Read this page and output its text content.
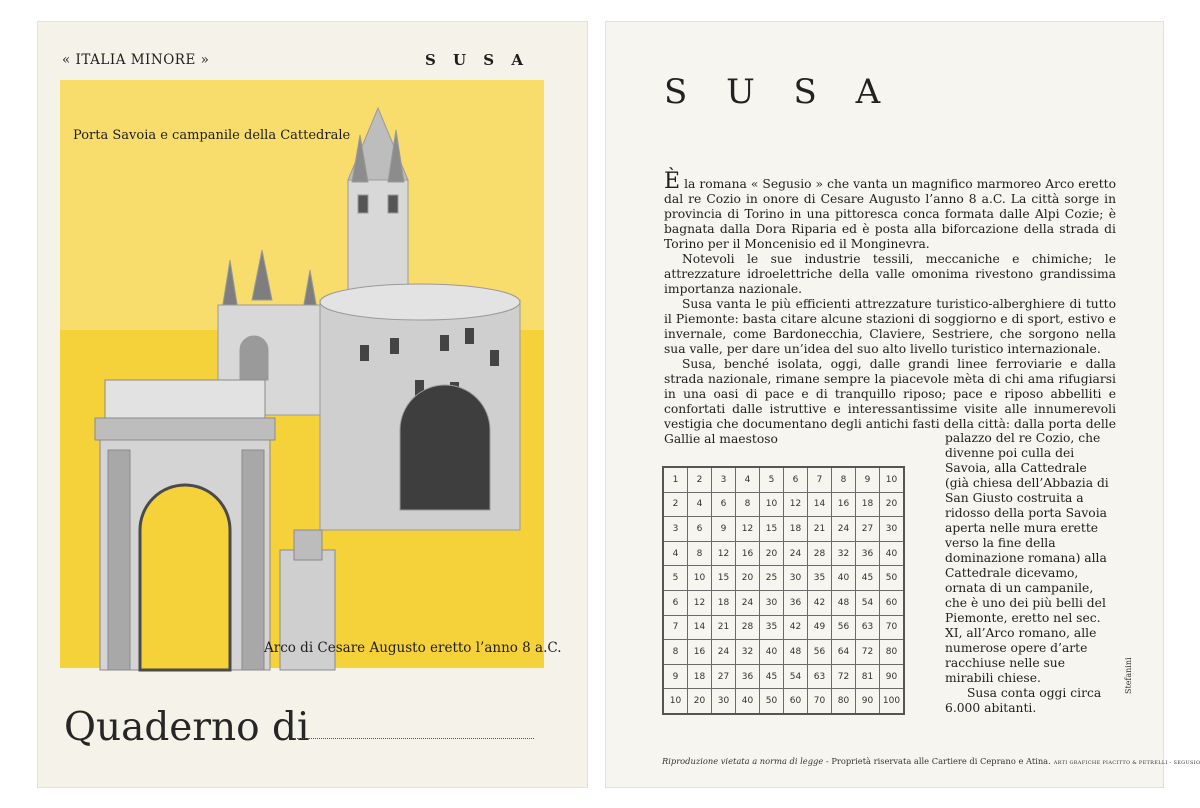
« ITALIA MINORE »	S U S A
Porta Savoia e campanile della Cattedrale
Arco di Cesare Augusto eretto l’anno 8 a.C.
Quaderno di
S U S A

È la romana « Segusio » che vanta un magnifico marmoreo Arco eretto dal re Cozio in onore di Cesare Augusto l’anno 8 a.C. La città sorge in provincia di Torino in una pittoresca conca formata dalle Alpi Cozie; è bagnata dalla Dora Riparia ed è posta alla biforcazione della strada di Torino per il Moncenisio ed il Monginevra.

Notevoli le sue industrie tessili, meccaniche e chimiche; le attrezzature idroelettriche della valle omonima rivestono grandissima importanza nazionale.

Susa vanta le più efficienti attrezzature turistico-alberghiere di tutto il Piemonte: basta citare alcune stazioni di soggiorno e di sport, estivo e invernale, come Bardonecchia, Claviere, Sestriere, che sorgono nella sua valle, per dare un’idea del suo alto livello turistico internazionale.

Susa, benché isolata, oggi, dalle grandi linee ferroviarie e dalla strada nazionale, rimane sempre la piacevole mèta di chi ama rifugiarsi in una oasi di pace e di tranquillo riposo; pace e riposo abbelliti e confortati dalle istruttive e interessantissime visite alle innumerevoli vestigia che documentano degli antichi fasti della città: dalla porta delle Gallie al maestoso	palazzo del re Cozio, che divenne poi culla dei Savoia, alla Cattedrale (già chiesa dell’Abbazia di San Giusto costruita a ridosso della porta Savoia aperta nelle mura erette verso la fine della dominazione romana) alla Cattedrale dicevamo, ornata di un campanile, che è uno dei più belli del Piemonte, eretto nel sec. XI, all’Arco romano, alle numerose opere d’arte racchiuse nelle sue mirabili chiese.

Susa conta oggi circa 6.000 abitanti.

1	2	3	4	5	6	7	8	9	10
2	4	6	8	10	12	14	16	18	20
3	6	9	12	15	18	21	24	27	30
4	8	12	16	20	24	28	32	36	40
5	10	15	20	25	30	35	40	45	50
6	12	18	24	30	36	42	48	54	60
7	14	21	28	35	42	49	56	63	70
8	16	24	32	40	48	56	64	72	80
9	18	27	36	45	54	63	72	81	90
10	20	30	40	50	60	70	80	90	100
Stefanini
Riproduzione vietata a norma di legge - Proprietà riservata alle Cartiere di Ceprano e Atina. ARTI GRAFICHE PIACITTO & PETRELLI - SEGUSIO
